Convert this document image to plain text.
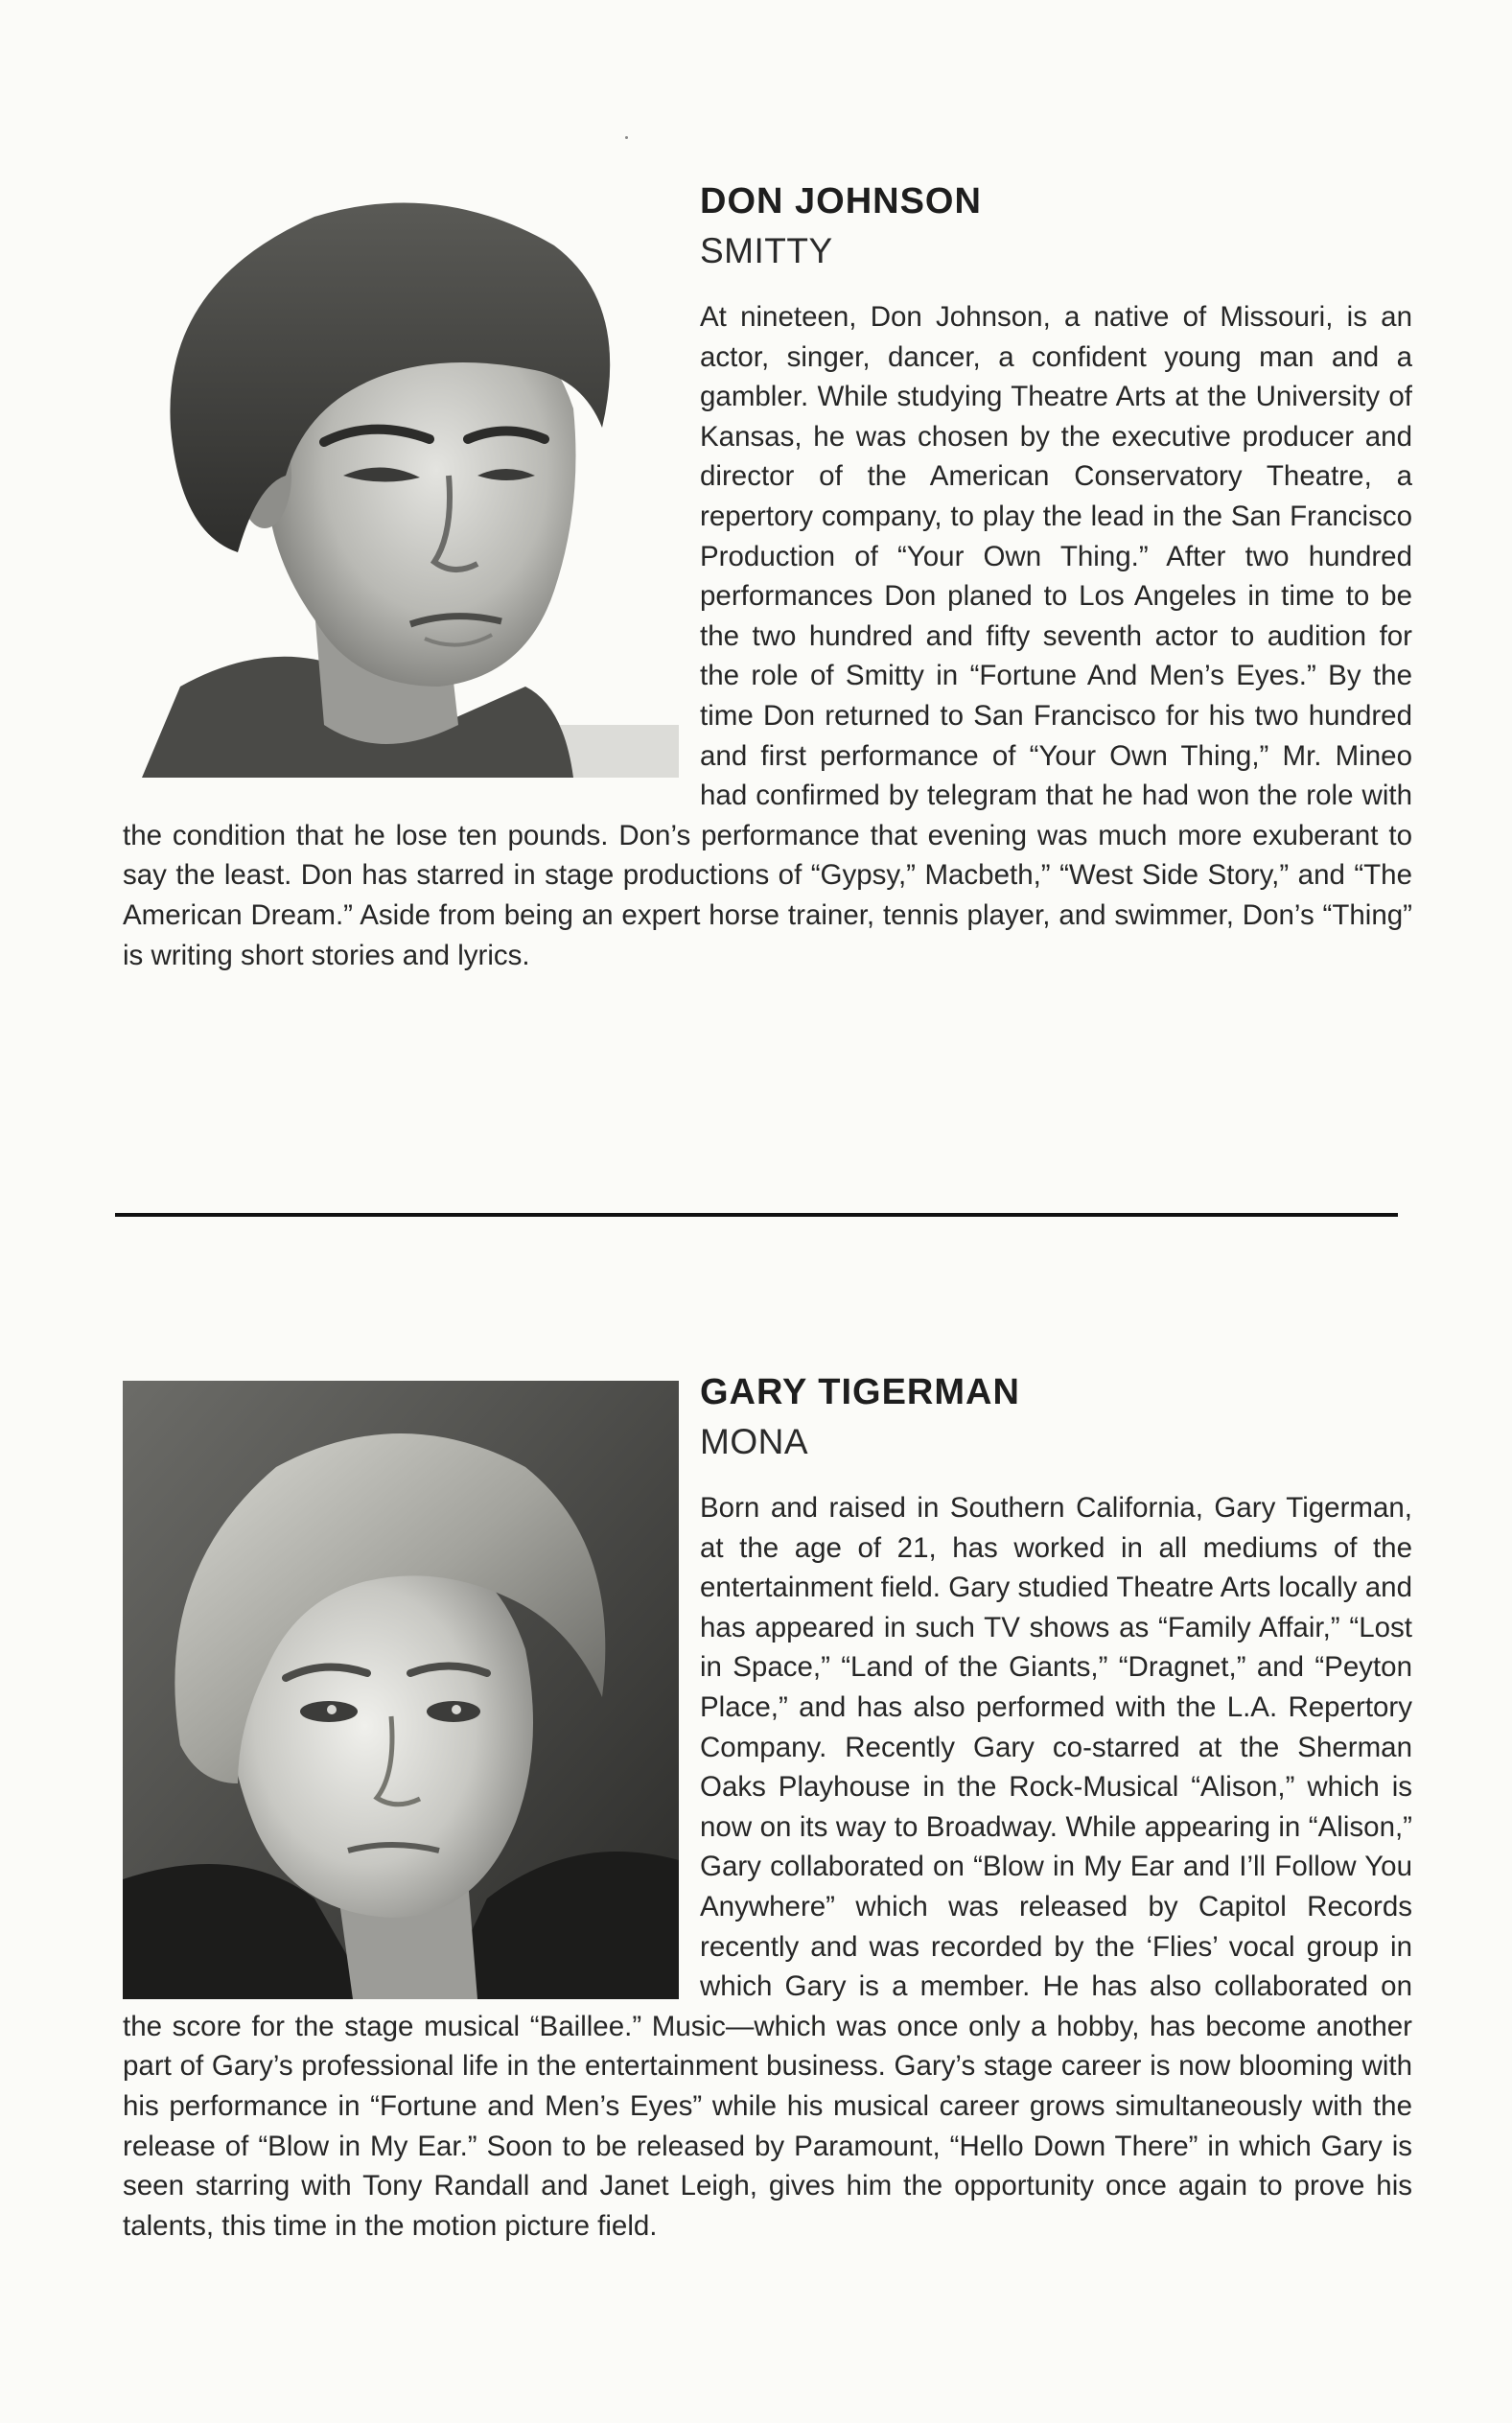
DON JOHNSON
SMITTY

At nineteen, Don Johnson, a native of Missouri, is an actor, singer, dancer, a confident young man and a gambler. While studying Theatre Arts at the University of Kansas, he was chosen by the executive producer and director of the American Conservatory Theatre, a repertory company, to play the lead in the San Francisco Production of “Your Own Thing.” After two hundred performances Don planed to Los Angeles in time to be the two hundred and fifty seventh actor to audition for the role of Smitty in “Fortune And Men’s Eyes.” By the time Don returned to San Francisco for his two hundred and first performance of “Your Own Thing,” Mr. Mineo had confirmed by telegram that he had won the role with the condition that he lose ten pounds. Don’s performance that evening was much more exuberant to say the least. Don has starred in stage productions of “Gypsy,” Macbeth,” “West Side Story,” and “The American Dream.” Aside from being an expert horse trainer, tennis player, and swimmer, Don’s “Thing” is writing short stories and lyrics.

GARY TIGERMAN
MONA

Born and raised in Southern California, Gary Tigerman, at the age of 21, has worked in all mediums of the entertainment field. Gary studied Theatre Arts locally and has appeared in such TV shows as “Family Affair,” “Lost in Space,” “Land of the Giants,” “Dragnet,” and “Peyton Place,” and has also performed with the L.A. Repertory Company. Recently Gary co-starred at the Sherman Oaks Playhouse in the Rock-Musical “Alison,” which is now on its way to Broadway. While appearing in “Alison,” Gary collaborated on “Blow in My Ear and I’ll Follow You Anywhere” which was released by Capitol Records recently and was recorded by the ‘Flies’ vocal group in which Gary is a member. He has also collaborated on the score for the stage musical “Baillee.” Music—which was once only a hobby, has become another part of Gary’s professional life in the entertainment business. Gary’s stage career is now blooming with his performance in “Fortune and Men’s Eyes” while his musical career grows simultaneously with the release of “Blow in My Ear.” Soon to be released by Paramount, “Hello Down There” in which Gary is seen starring with Tony Randall and Janet Leigh, gives him the opportunity once again to prove his talents, this time in the motion picture field.
